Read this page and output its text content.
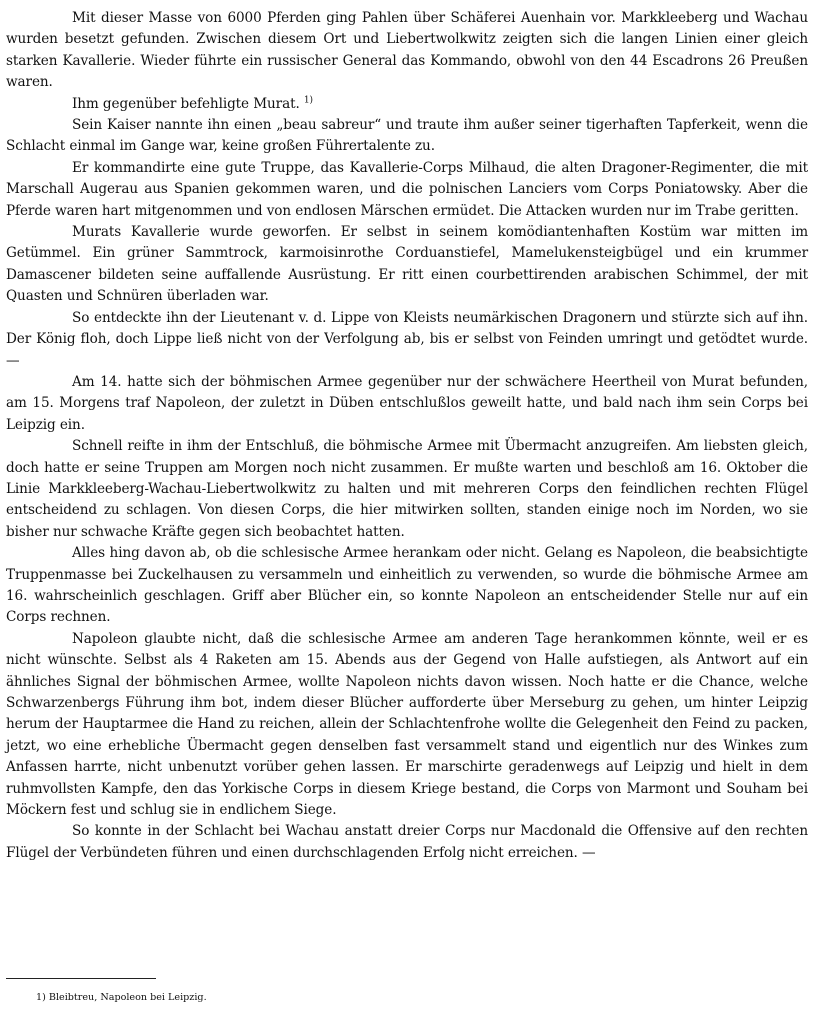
Mit dieser Masse von 6000 Pferden ging Pahlen über Schäferei Auenhain vor. Markkleeberg und Wachau wurden besetzt gefunden. Zwischen diesem Ort und Liebertwolkwitz zeigten sich die langen Linien einer gleich starken Kavallerie. Wieder führte ein russischer General das Kommando, obwohl von den 44 Escadrons 26 Preußen waren.

Ihm gegenüber befehligte Murat. $^{1)}$

Sein Kaiser nannte ihn einen „beau sabreur“ und traute ihm außer seiner tigerhaften Tapferkeit, wenn die Schlacht einmal im Gange war, keine großen Führertalente zu.

Er kommandirte eine gute Truppe, das Kavallerie-Corps Milhaud, die alten Dragoner-Regimenter, die mit Marschall Augerau aus Spanien gekommen waren, und die polnischen Lanciers vom Corps Poniatowsky. Aber die Pferde waren hart mitgenommen und von endlosen Märschen ermüdet. Die Attacken wurden nur im Trabe geritten.

Murats Kavallerie wurde geworfen. Er selbst in seinem komödiantenhaften Kostüm war mitten im Getümmel. Ein grüner Sammtrock, karmoisinrothe Corduanstiefel, Mamelukensteigbügel und ein krummer Damascener bildeten seine auffallende Ausrüstung. Er ritt einen courbettirenden arabischen Schimmel, der mit Quasten und Schnüren überladen war.

So entdeckte ihn der Lieutenant v. d. Lippe von Kleists neumärkischen Dragonern und stürzte sich auf ihn. Der König floh, doch Lippe ließ nicht von der Verfolgung ab, bis er selbst von Feinden umringt und getödtet wurde. —

Am 14. hatte sich der böhmischen Armee gegenüber nur der schwächere Heertheil von Murat befunden, am 15. Morgens traf Napoleon, der zuletzt in Düben entschlußlos geweilt hatte, und bald nach ihm sein Corps bei Leipzig ein.

Schnell reifte in ihm der Entschluß, die böhmische Armee mit Übermacht anzugreifen. Am liebsten gleich, doch hatte er seine Truppen am Morgen noch nicht zusammen. Er mußte warten und beschloß am 16. Oktober die Linie Markkleeberg-Wachau-Liebertwolkwitz zu halten und mit mehreren Corps den feindlichen rechten Flügel entscheidend zu schlagen. Von diesen Corps, die hier mitwirken sollten, standen einige noch im Norden, wo sie bisher nur schwache Kräfte gegen sich beobachtet hatten.

Alles hing davon ab, ob die schlesische Armee herankam oder nicht. Gelang es Napoleon, die beabsichtigte Truppenmasse bei Zuckelhausen zu versammeln und einheitlich zu verwenden, so wurde die böhmische Armee am 16. wahrscheinlich geschlagen. Griff aber Blücher ein, so konnte Napoleon an entscheidender Stelle nur auf ein Corps rechnen.

Napoleon glaubte nicht, daß die schlesische Armee am anderen Tage herankommen könnte, weil er es nicht wünschte. Selbst als 4 Raketen am 15. Abends aus der Gegend von Halle aufstiegen, als Antwort auf ein ähnliches Signal der böhmischen Armee, wollte Napoleon nichts davon wissen. Noch hatte er die Chance, welche Schwarzenbergs Führung ihm bot, indem dieser Blücher aufforderte über Merseburg zu gehen, um hinter Leipzig herum der Hauptarmee die Hand zu reichen, allein der Schlachtenfrohe wollte die Gelegenheit den Feind zu packen, jetzt, wo eine erhebliche Übermacht gegen denselben fast versammelt stand und eigentlich nur des Winkes zum Anfassen harrte, nicht unbenutzt vorüber gehen lassen. Er marschirte geradenwegs auf Leipzig und hielt in dem ruhmvollsten Kampfe, den das Yorkische Corps in diesem Kriege bestand, die Corps von Marmont und Souham bei Möckern fest und schlug sie in endlichem Siege.

So konnte in der Schlacht bei Wachau anstatt dreier Corps nur Macdonald die Offensive auf den rechten Flügel der Verbündeten führen und einen durchschlagenden Erfolg nicht erreichen. —

1) Bleibtreu, Napoleon bei Leipzig.
